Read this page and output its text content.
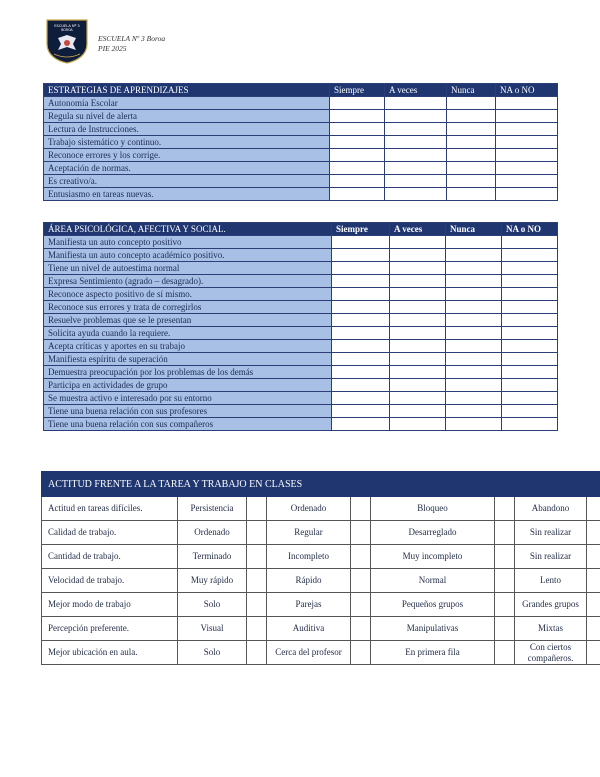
ESCUELA Nº 3
BOROA
ESCUELA Nº 3 Boroa
PIE 2025
ESTRATEGIAS DE APRENDIZAJES	Siempre	A veces	Nunca	NA o NO
Autonomía Escolar				
Regula su nivel de alerta				
Lectura de Instrucciones.				
Trabajo sistemático y continuo.				
Reconoce errores y los corrige.				
Aceptación de normas.				
Es creativo/a.				
Entusiasmo en tareas nuevas.				
ÁREA PSICOLÓGICA, AFECTIVA Y SOCIAL.	Siempre	A veces	Nunca	NA o NO
Manifiesta un auto concepto positivo				
Manifiesta un auto concepto académico positivo.				
Tiene un nivel de autoestima normal				
Expresa Sentimiento (agrado – desagrado).				
Reconoce aspecto positivo de sí mismo.				
Reconoce sus errores y trata de corregirlos				
Resuelve problemas que se le presentan				
Solicita ayuda cuando la requiere.				
Acepta críticas y aportes en su trabajo				
Manifiesta espíritu de superación				
Demuestra preocupación por los problemas de los demás				
Participa en actividades de grupo				
Se muestra activo e interesado por su entorno				
Tiene una buena relación con sus profesores				
Tiene una buena relación con sus compañeros				
ACTITUD FRENTE A LA TAREA Y TRABAJO EN CLASES								
Actitud en tareas difíciles.	Persistencia		Ordenado		Bloqueo		Abandono	
Calidad de trabajo.	Ordenado		Regular		Desarreglado		Sin realizar	
Cantidad de trabajo.	Terminado		Incompleto		Muy incompleto		Sin realizar	
Velocidad de trabajo.	Muy rápido		Rápido		Normal		Lento	
Mejor modo de trabajo	Solo		Parejas		Pequeños grupos		Grandes grupos	
Percepción preferente.	Visual		Auditiva		Manipulativas		Mixtas	
Mejor ubicación en aula.	Solo		Cerca del profesor		En primera fila		Con ciertos compañeros.	
